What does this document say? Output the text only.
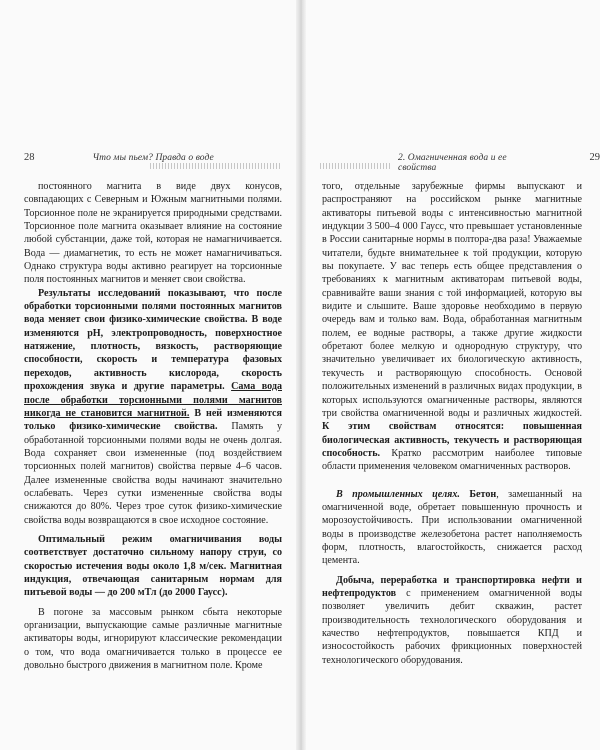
28	Что мы пьем? Правда о воде

постоянного магнита в виде двух конусов, совпадающих с Северным и Южным магнитными полями. Торсионное поле не экранируется природными средствами. Торсионное поле магнита оказывает влияние на состояние любой субстанции, даже той, которая не намагничивается. Вода — диамагнетик, то есть не может намагничиваться. Однако структура воды активно реагирует на торсионные поля постоянных магнитов и меняет свои свойства.

Результаты исследований показывают, что после обработки торсионными полями постоянных магнитов вода меняет свои физико-химические свойства. В воде изменяются pH, электропроводность, поверхностное натяжение, плотность, вязкость, растворяющие способности, скорость и температура фазовых переходов, активность кислорода, скорость прохождения звука и другие параметры. Сама вода после обработки торсионными полями магнитов никогда не становится магнитной. В ней изменяются только физико-химические свойства. Память у обработанной торсионными полями воды не очень долгая. Вода сохраняет свои измененные (под воздействием торсионных полей магнитов) свойства первые 4–6 часов. Далее измененные свойства воды начинают значительно ослабевать. Через сутки измененные свойства воды снижаются до 80%. Через трое суток физико-химические свойства воды возвращаются в свое исходное состояние.

Оптимальный режим омагничивания воды соответствует достаточно сильному напору струи, со скоростью истечения воды около 1,8 м/сек. Магнитная индукция, отвечающая санитарным нормам для питьевой воды — до 200 мТл (до 2000 Гаусс).

В погоне за массовым рынком сбыта некоторые организации, выпускающие самые различные магнитные активаторы воды, игнорируют классические рекомендации о том, что вода омагничивается только в процессе ее довольно быстрого движения в магнитном поле. Кроме

2. Омагниченная вода и ее свойства
29

того, отдельные зарубежные фирмы выпускают и распространяют на российском рынке магнитные активаторы питьевой воды с интенсивностью магнитной индукции 3 500–4 000 Гаусс, что превышает установленные в России санитарные нормы в полтора-два раза! Уважаемые читатели, будьте внимательнее к той продукции, которую вы покупаете. У вас теперь есть общее представления о требованиях к магнитным активаторам питьевой воды, сравнивайте ваши знания с той информацией, которую вы видите и слышите. Ваше здоровье необходимо в первую очередь вам и только вам. Вода, обработанная магнитным полем, ее водные растворы, а также другие жидкости обретают более мелкую и однородную структуру, что значительно увеличивает их биологическую активность, текучесть и растворяющую способность. Основой положительных изменений в различных видах продукции, в которых используются омагниченные растворы, являются три свойства омагниченной воды и различных жидкостей. К этим свойствам относятся: повышенная биологическая активность, текучесть и растворяющая способность. Кратко рассмотрим наиболее типовые области применения человеком омагниченных растворов.

В промышленных целях. Бетон, замешанный на омагниченной воде, обретает повышенную прочность и морозоустойчивость. При использовании омагниченной воды в производстве железобетона растет наполняемость форм, плотность, влагостойкость, снижается расход цемента.

Добыча, переработка и транспортировка нефти и нефтепродуктов с применением омагниченной воды позволяет увеличить дебит скважин, растет производительность технологического оборудования и качество нефтепродуктов, повышается КПД и износостойкость рабочих фрикционных поверхностей технологического оборудования.
